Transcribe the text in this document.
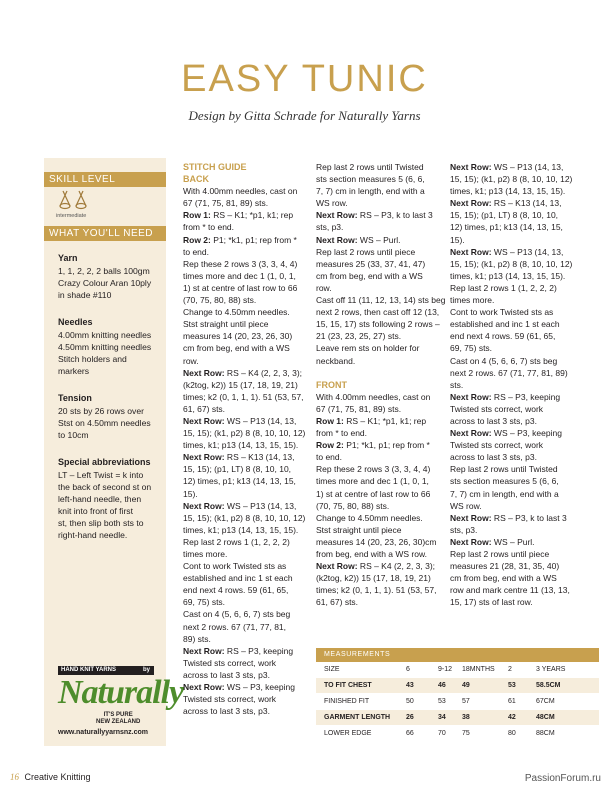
EASY TUNIC
Design by Gitta Schrade for Naturally Yarns
SKILL LEVEL
intermediate
WHAT YOU'LL NEED
Yarn
1, 1, 2, 2, 2 balls 100gm
Crazy Colour Aran 10ply
in shade #110
Needles
4.00mm knitting needles
4.50mm knitting needles
Stitch holders and
markers
Tension
20 sts by 26 rows over
Stst on 4.50mm needles
to 10cm
Special abbreviations
LT – Left Twist = k into
the back of second st on
left-hand needle, then
knit into front of first
st, then slip both sts to
right-hand needle.
HAND KNIT YARNS	by
Naturally
IT'S PURE
NEW ZEALAND
www.naturallyyarnsnz.com
STITCH GUIDE
BACK
With 4.00mm needles, cast on
67 (71, 75, 81, 89) sts.
Row 1: RS – K1; *p1, k1; rep
from * to end.
Row 2: P1; *k1, p1; rep from *
to end.
Rep these 2 rows 3 (3, 3, 4, 4)
times more and dec 1 (1, 0, 1,
1) st at centre of last row to 66
(70, 75, 80, 88) sts.
Change to 4.50mm needles.
Stst straight until piece
measures 14 (20, 23, 26, 30)
cm from beg, end with a WS
row.
Next Row: RS – K4 (2, 2, 3, 3);
(k2tog, k2)) 15 (17, 18, 19, 21)
times; k2 (0, 1, 1, 1). 51 (53, 57,
61, 67) sts.
Next Row: WS – P13 (14, 13,
15, 15); (k1, p2) 8 (8, 10, 10, 12)
times, k1; p13 (14, 13, 15, 15).
Next Row: RS – K13 (14, 13,
15, 15); (p1, LT) 8 (8, 10, 10,
12) times, p1; k13 (14, 13, 15,
15).
Next Row: WS – P13 (14, 13,
15, 15); (k1, p2) 8 (8, 10, 10, 12)
times, k1; p13 (14, 13, 15, 15).
Rep last 2 rows 1 (1, 2, 2, 2)
times more.
Cont to work Twisted sts as
established and inc 1 st each
end next 4 rows. 59 (61, 65,
69, 75) sts.
Cast on 4 (5, 6, 6, 7) sts beg
next 2 rows. 67 (71, 77, 81,
89) sts.
Next Row: RS – P3, keeping
Twisted sts correct, work
across to last 3 sts, p3.
Next Row: WS – P3, keeping
Twisted sts correct, work
across to last 3 sts, p3.
Rep last 2 rows until Twisted
sts section measures 5 (6, 6,
7, 7) cm in length, end with a
WS row.
Next Row: RS – P3, k to last 3
sts, p3.
Next Row: WS – Purl.
Rep last 2 rows until piece
measures 25 (33, 37, 41, 47)
cm from beg, end with a WS
row.
Cast off 11 (11, 12, 13, 14) sts beg
next 2 rows, then cast off 12 (13,
15, 15, 17) sts following 2 rows –
21 (23, 23, 25, 27) sts.
Leave rem sts on holder for
neckband.

FRONT
With 4.00mm needles, cast on
67 (71, 75, 81, 89) sts.
Row 1: RS – K1; *p1, k1; rep
from * to end.
Row 2: P1; *k1, p1; rep from *
to end.
Rep these 2 rows 3 (3, 3, 4, 4)
times more and dec 1 (1, 0, 1,
1) st at centre of last row to 66
(70, 75, 80, 88) sts.
Change to 4.50mm needles.
Stst straight until piece
measures 14 (20, 23, 26, 30)cm
from beg, end with a WS row.
Next Row: RS – K4 (2, 2, 3, 3);
(k2tog, k2)) 15 (17, 18, 19, 21)
times; k2 (0, 1, 1, 1). 51 (53, 57,
61, 67) sts.
Next Row: WS – P13 (14, 13,
15, 15); (k1, p2) 8 (8, 10, 10, 12)
times, k1; p13 (14, 13, 15, 15).
Next Row: RS – K13 (14, 13,
15, 15); (p1, LT) 8 (8, 10, 10,
12) times, p1; k13 (14, 13, 15,
15).
Next Row: WS – P13 (14, 13,
15, 15); (k1, p2) 8 (8, 10, 10, 12)
times, k1; p13 (14, 13, 15, 15).
Rep last 2 rows 1 (1, 2, 2, 2)
times more.
Cont to work Twisted sts as
established and inc 1 st each
end next 4 rows. 59 (61, 65,
69, 75) sts.
Cast on 4 (5, 6, 6, 7) sts beg
next 2 rows. 67 (71, 77, 81, 89)
sts.
Next Row: RS – P3, keeping
Twisted sts correct, work
across to last 3 sts, p3.
Next Row: WS – P3, keeping
Twisted sts correct, work
across to last 3 sts, p3.
Rep last 2 rows until Twisted
sts section measures 5 (6, 6,
7, 7) cm in length, end with a
WS row.
Next Row: RS – P3, k to last 3
sts, p3.
Next Row: WS – Purl.
Rep last 2 rows until piece
measures 21 (28, 31, 35, 40)
cm from beg, end with a WS
row and mark centre 11 (13, 13,
15, 17) sts of last row.
MEASUREMENTS
SIZE	6	9-12 18MNTHS 2	3 YEARS
TO FIT CHEST	43	46 49	53	58.5CM
FINISHED FIT	50	53 57	61	67CM
GARMENT LENGTH 26	34 38	42	48CM
LOWER EDGE	66	70 75	80	88CM
16 Creative Knitting	PassionForum.ru
